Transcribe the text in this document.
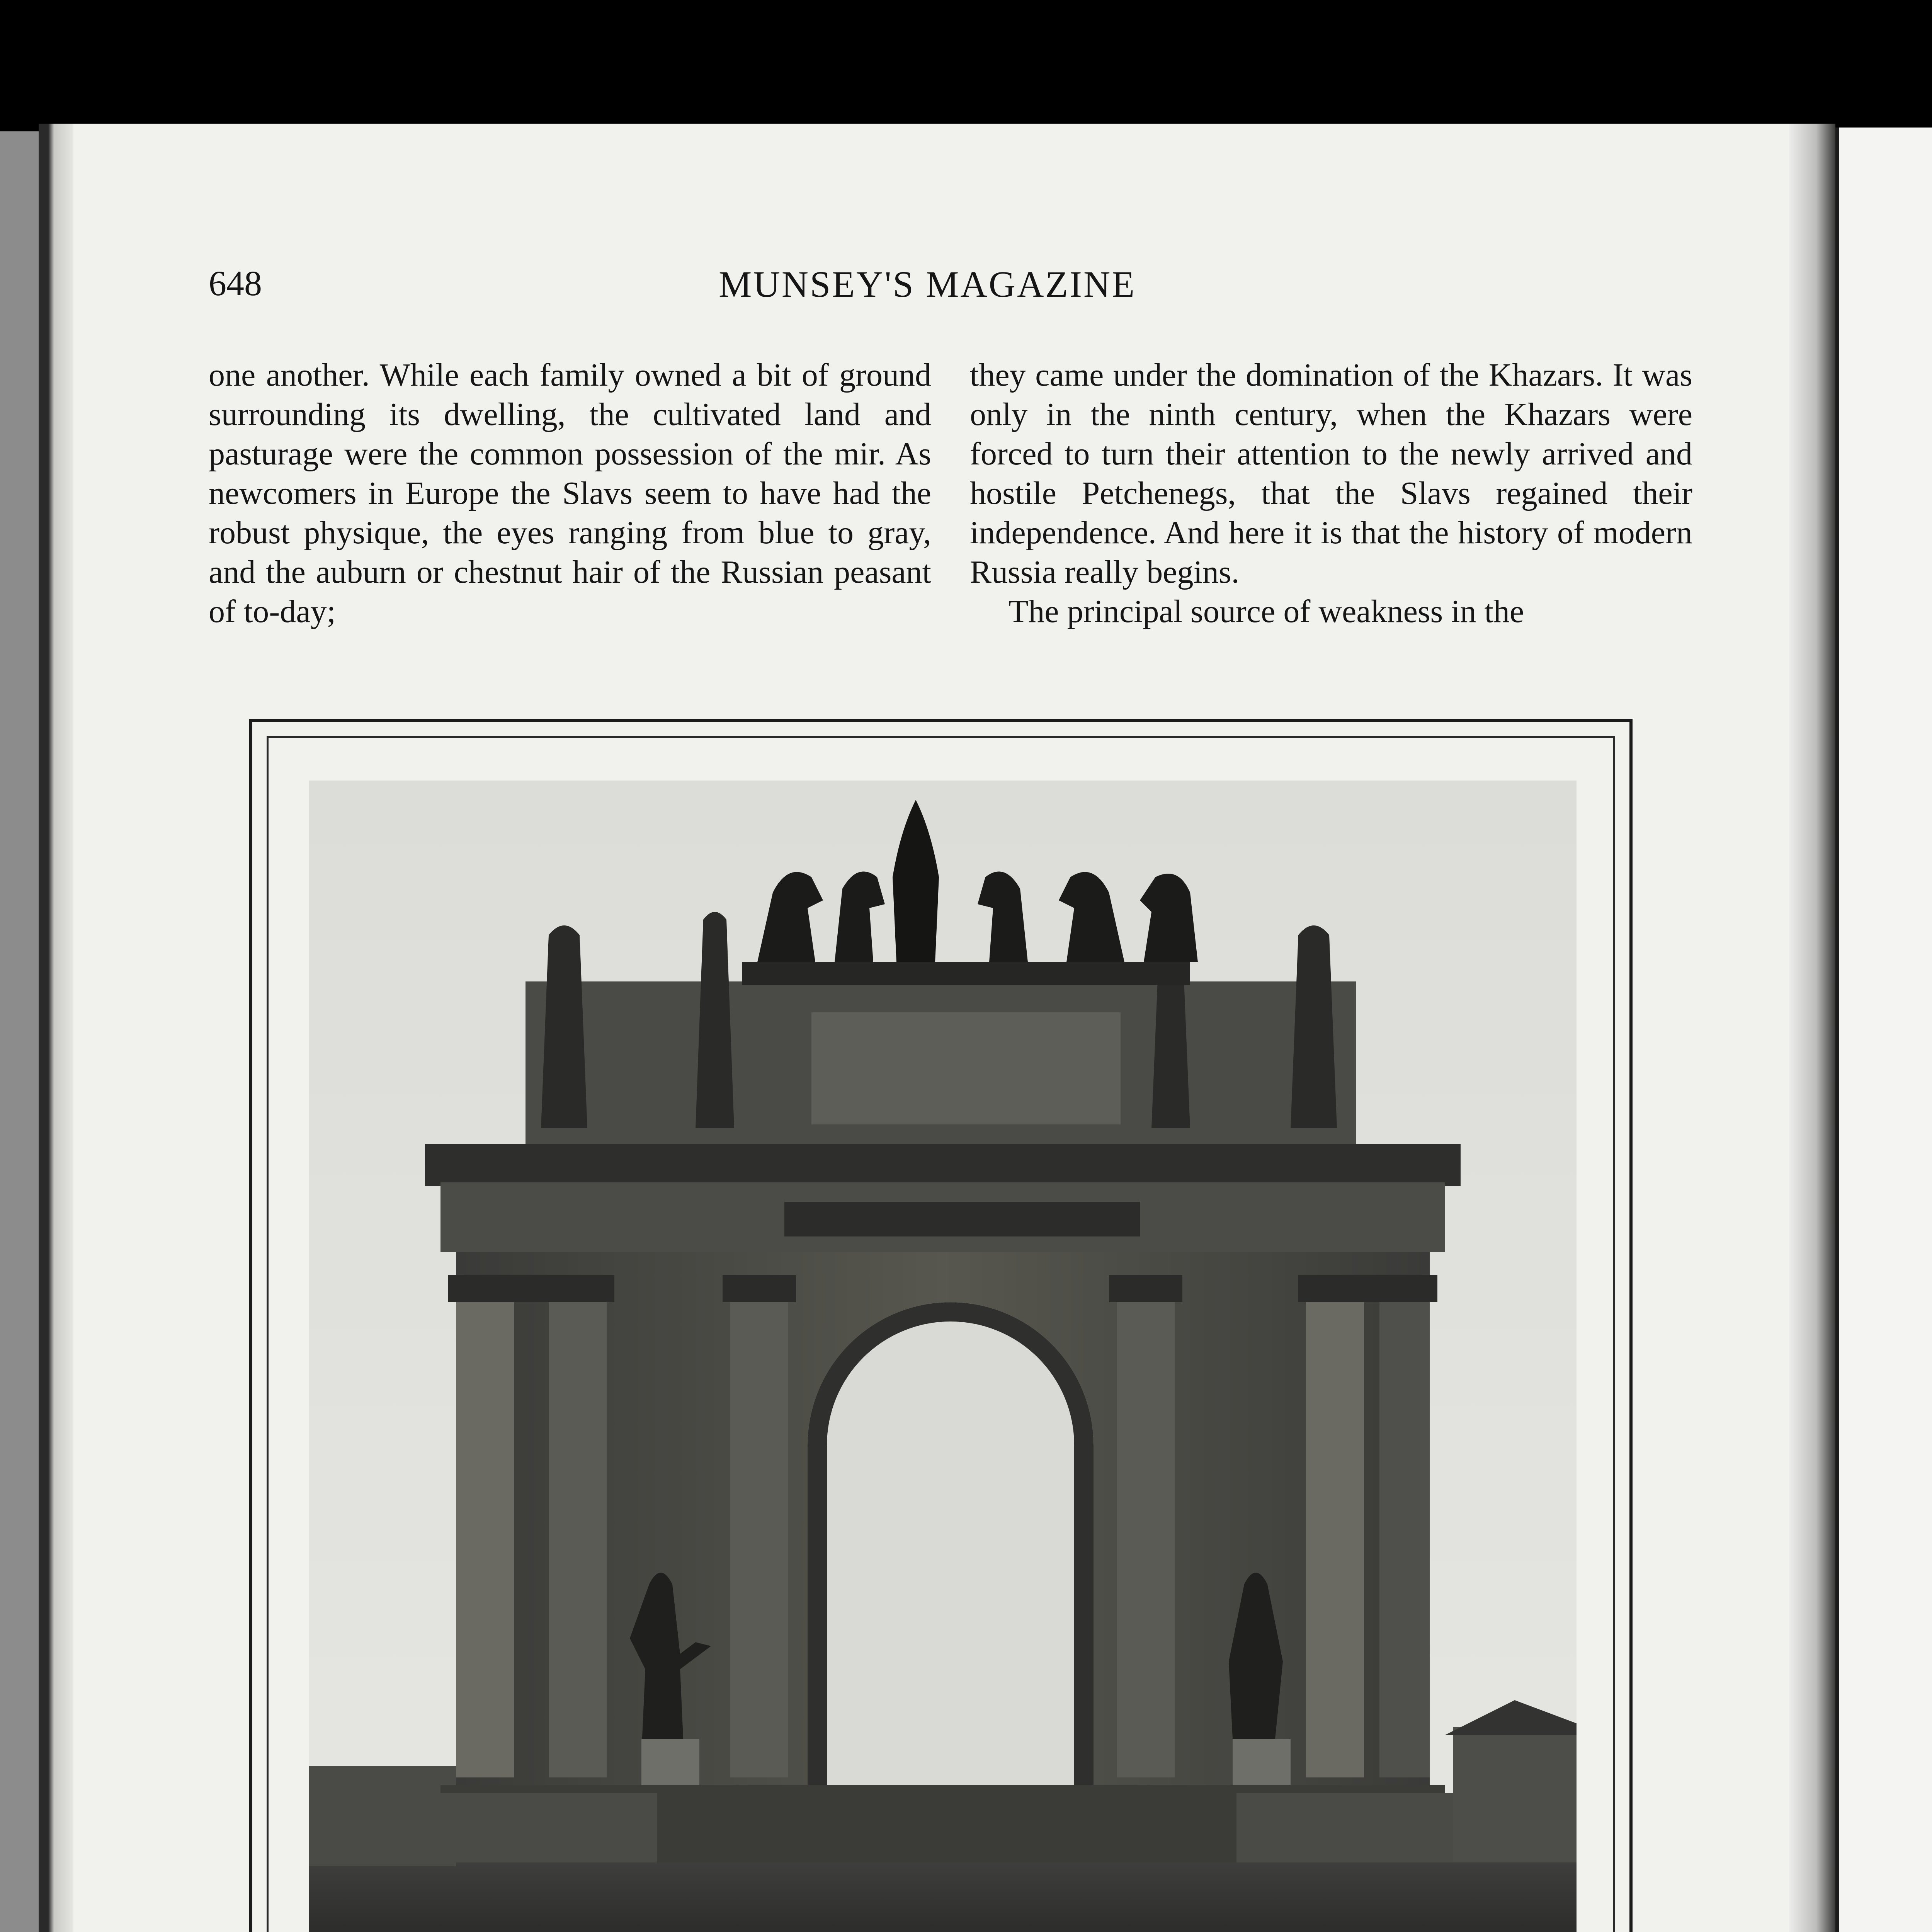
648	MUNSEY'S MAGAZINE

one another. While each family owned a bit of ground surrounding its dwelling, the cultivated land and pasturage were the common possession of the mir. As newcomers in Europe the Slavs seem to have had the robust physique, the eyes ranging from blue to gray, and the auburn or chestnut hair of the Russian peasant of to-day;

they came under the domination of the Khazars. It was only in the ninth century, when the Khazars were forced to turn their attention to the newly arrived and hostile Petchenegs, that the Slavs regained their independence. And here it is that the history of modern Russia really begins.

The principal source of weakness in the
